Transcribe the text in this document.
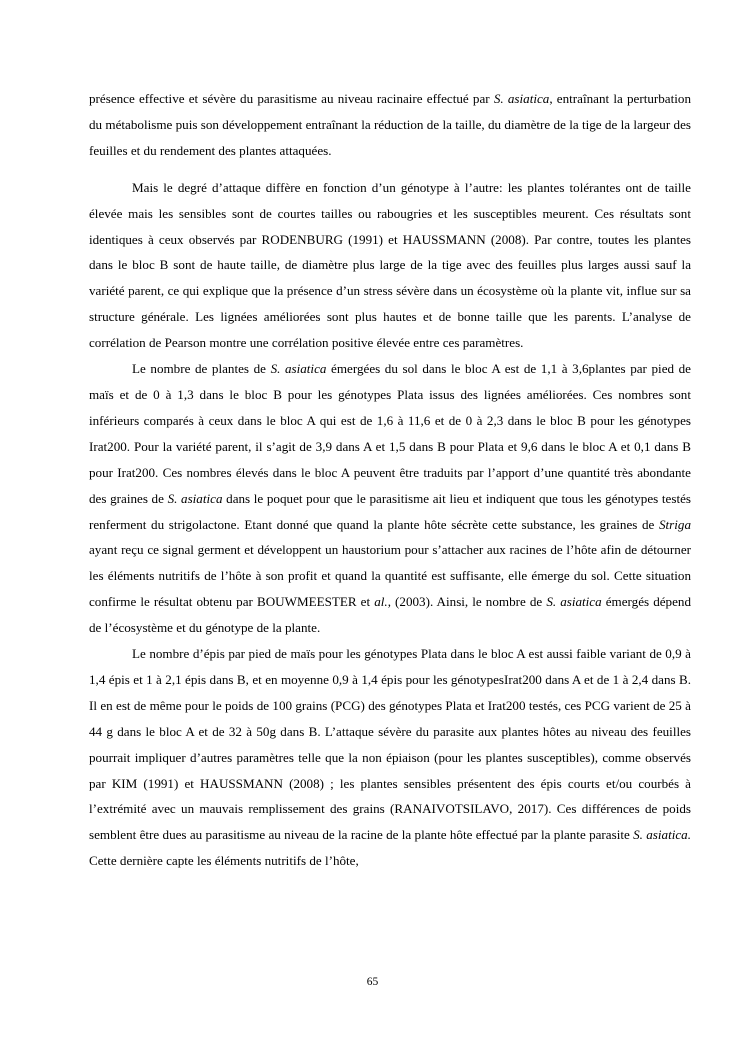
présence effective et sévère du parasitisme au niveau racinaire effectué par S. asiatica, entraînant la perturbation du métabolisme puis son développement entraînant la réduction de la taille, du diamètre de la tige de la largeur des feuilles et du rendement des plantes attaquées.

Mais le degré d’attaque diffère en fonction d’un génotype à l’autre: les plantes tolérantes ont de taille élevée mais les sensibles sont de courtes tailles ou rabougries et les susceptibles meurent. Ces résultats sont identiques à ceux observés par RODENBURG (1991) et HAUSSMANN (2008). Par contre, toutes les plantes dans le bloc B sont de haute taille, de diamètre plus large de la tige avec des feuilles plus larges aussi sauf la variété parent, ce qui explique que la présence d’un stress sévère dans un écosystème où la plante vit, influe sur sa structure générale. Les lignées améliorées sont plus hautes et de bonne taille que les parents. L’analyse de corrélation de Pearson montre une corrélation positive élevée entre ces paramètres.

Le nombre de plantes de S. asiatica émergées du sol dans le bloc A est de 1,1 à 3,6plantes par pied de maïs et de 0 à 1,3 dans le bloc B pour les génotypes Plata issus des lignées améliorées. Ces nombres sont inférieurs comparés à ceux dans le bloc A qui est de 1,6 à 11,6 et de 0 à 2,3 dans le bloc B pour les génotypes Irat200. Pour la variété parent, il s’agit de 3,9 dans A et 1,5 dans B pour Plata et 9,6 dans le bloc A et 0,1 dans B pour Irat200. Ces nombres élevés dans le bloc A peuvent être traduits par l’apport d’une quantité très abondante des graines de S. asiatica dans le poquet pour que le parasitisme ait lieu et indiquent que tous les génotypes testés renferment du strigolactone. Etant donné que quand la plante hôte sécrète cette substance, les graines de Striga ayant reçu ce signal germent et développent un haustorium pour s’attacher aux racines de l’hôte afin de détourner les éléments nutritifs de l’hôte à son profit et quand la quantité est suffisante, elle émerge du sol. Cette situation confirme le résultat obtenu par BOUWMEESTER et al., (2003). Ainsi, le nombre de S. asiatica émergés dépend de l’écosystème et du génotype de la plante.

Le nombre d’épis par pied de maïs pour les génotypes Plata dans le bloc A est aussi faible variant de 0,9 à 1,4 épis et 1 à 2,1 épis dans B, et en moyenne 0,9 à 1,4 épis pour les génotypesIrat200 dans A et de 1 à 2,4 dans B. Il en est de même pour le poids de 100 grains (PCG) des génotypes Plata et Irat200 testés, ces PCG varient de 25 à 44 g dans le bloc A et de 32 à 50g dans B. L’attaque sévère du parasite aux plantes hôtes au niveau des feuilles pourrait impliquer d’autres paramètres telle que la non épiaison (pour les plantes susceptibles), comme observés par KIM (1991) et HAUSSMANN (2008) ; les plantes sensibles présentent des épis courts et/ou courbés à l’extrémité avec un mauvais remplissement des grains (RANAIVOTSILAVO, 2017). Ces différences de poids semblent être dues au parasitisme au niveau de la racine de la plante hôte effectué par la plante parasite S. asiatica. Cette dernière capte les éléments nutritifs de l’hôte,

65
